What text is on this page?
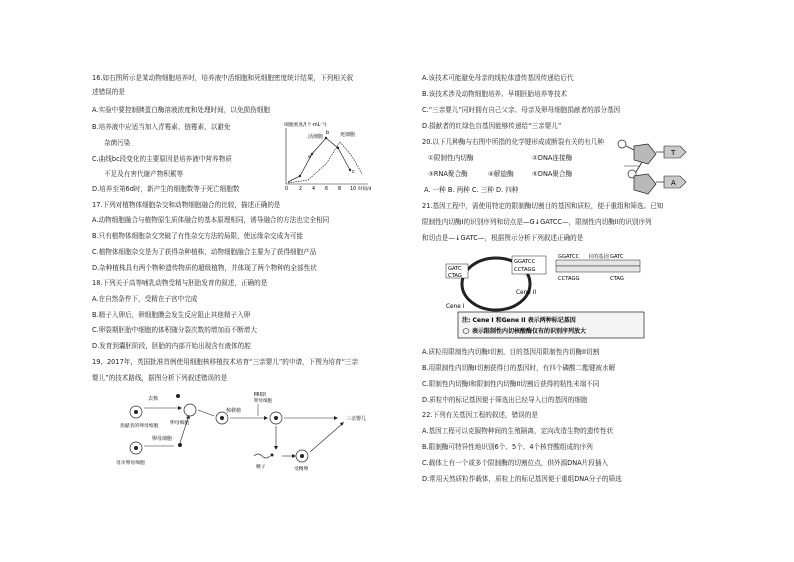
16.如右图所示是某动物细胞培养时，培养液中活细胞和死细胞密度统计结果，下列相关叙
述错误的是
A.实验中要控制胰蛋白酶溶液浓度和处理时间，以免损伤细胞
B.培养液中应适当加入青霉素、链霉素，以避免
杂菌污染
C.曲线bc段变化的主要原因是培养液中营养物质
不足及有害代谢产物积累等
D.培养至第6d时，新产生的细胞数等于死亡细胞数
细胞密度/(个·mL⁻¹)
活细胞	死细胞
a
b
c
0 2 4 6 8 10 时间/d
17.下列对植物体细胞杂交和动物细胞融合的比较，描述正确的是
A.动物细胞融合与植物原生质体融合的基本原理相同，诱导融合的方法也完全相同
B.只有植物体细胞杂交突破了有性杂交方法的局限，使远缘杂交成为可能
C.植物体细胞杂交是为了获得杂种植株，动物细胞融合主要为了获得细胞产品
D.杂种植株具有两个物种遗传物质的超级植物，并体现了两个物种的全部性状
18.下列关于高等哺乳动物受精与胚胎发育的叙述，正确的是
A.在自然条件下，受精在子宫中完成
B.精子入卵后，卵细胞膜会发生反应阻止其他精子入卵
C.卵裂期胚胎中细胞的体积随分裂次数的增加而不断增大
D.发育到囊胚阶段，胚胎的内部开始出现含有液体的腔
19、2017年，英国批准首例使用细胞核移植技术培育“三亲婴儿”的申请，下图为培育“三亲
婴儿”的技术路线，据图分析下列叙述错误的是
捐献者的卵母细胞
去核
卵母细胞
卵母细胞
母亲卵母细胞
核移植
MII期
卵母细胞
精子	受精卵
三亲婴儿
A.该技术可能避免母亲的线粒体遗传基因传递给后代
B.该技术涉及动物细胞培养、早期胚胎培养等技术
C.“三亲婴儿”同时拥有自己父亲、母亲及卵母细胞捐献者的部分基因
D.捐献者的红绿色盲基因能够传递给“三亲婴儿”
20.以下几种酶与右图中所指的化学键形成或断裂有关的有几种
①限制性内切酶	②DNA连接酶
③RNA聚合酶	④解旋酶	⑤DNA聚合酶
A. 一种 B. 两种 C. 三种 D. 四种
T
A
21.基因工程中，需使用特定的限制酶切割目的基因和质粒，便于重组和筛选。已知
限制性内切酶I的识别序列和切点是—G↓GATCC—，限制性内切酶II的识别序列
和切点是—↓GATC—，根据图示分析下列叙述正确的是
GATC
CTAG
GGATCC
CCTAGG
Cene I
Cene II
GGATCC	GATC
目的基因
CCTAGG	CTAG
注: Cene I 和Gene II 表示两种标记基因
表示限制性内切核酸酶仅有的识别序列放大
A.质粒用限制性内切酶I切割，目的基因用限制性内切酶II切割
B.用限制性内切酶I切割获得目的基因时，有四个磷酸二酯键被水解
C.限制性内切酶I和限制性内切酶II切割后获得的粘性末端不同
D.质粒中的标记基因便于筛选出已经导入目的基因的细胞
22.下列有关基因工程的叙述，错误的是
A.基因工程可以克服物种间的生殖隔离，定向改造生物的遗传性状
B.限制酶可特异性地识别6个、5个、4个核苷酸组成的序列
C.载体上有一个或多个限制酶的切割位点，供外源DNA片段插入
D.常用天然质粒作载体，质粒上的标记基因便于重组DNA分子的筛选
